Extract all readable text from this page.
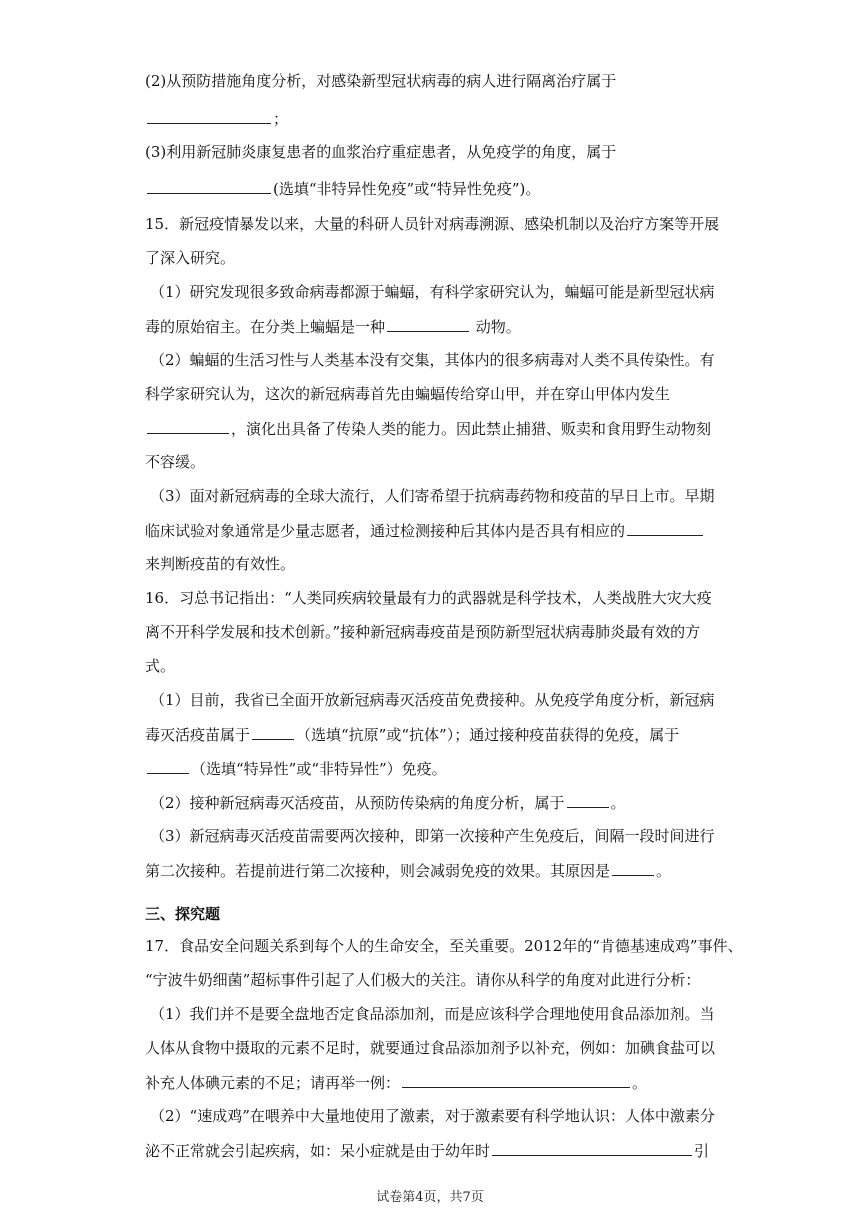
(2)从预防措施角度分析，对感染新型冠状病毒的病人进行隔离治疗属于
；
(3)利用新冠肺炎康复患者的血浆治疗重症患者，从免疫学的角度，属于
(选填“非特异性免疫”或“特异性免疫”)。
15．新冠疫情暴发以来，大量的科研人员针对病毒溯源、感染机制以及治疗方案等开展
了深入研究。
（1）研究发现很多致命病毒都源于蝙蝠，有科学家研究认为，蝙蝠可能是新型冠状病
毒的原始宿主。在分类上蝙蝠是一种	动物。
（2）蝙蝠的生活习性与人类基本没有交集，其体内的很多病毒对人类不具传染性。有
科学家研究认为，这次的新冠病毒首先由蝙蝠传给穿山甲，并在穿山甲体内发生
，演化出具备了传染人类的能力。因此禁止捕猎、贩卖和食用野生动物刻
不容缓。
（3）面对新冠病毒的全球大流行，人们寄希望于抗病毒药物和疫苗的早日上市。早期
临床试验对象通常是少量志愿者，通过检测接种后其体内是否具有相应的
来判断疫苗的有效性。
16．习总书记指出：“人类同疾病较量最有力的武器就是科学技术，人类战胜大灾大疫
离不开科学发展和技术创新。”接种新冠病毒疫苗是预防新型冠状病毒肺炎最有效的方
式。
（1）目前，我省已全面开放新冠病毒灭活疫苗免费接种。从免疫学角度分析，新冠病
毒灭活疫苗属于	（选填“抗原”或“抗体”）；通过接种疫苗获得的免疫，属于
（选填“特异性”或“非特异性”）免疫。
（2）接种新冠病毒灭活疫苗，从预防传染病的角度分析，属于	。
（3）新冠病毒灭活疫苗需要两次接种，即第一次接种产生免疫后，间隔一段时间进行
第二次接种。若提前进行第二次接种，则会减弱免疫的效果。其原因是	。
三、探究题
17．食品安全问题关系到每个人的生命安全，至关重要。2012年的“肯德基速成鸡”事件、
“宁波牛奶细菌”超标事件引起了人们极大的关注。请你从科学的角度对此进行分析：
（1）我们并不是要全盘地否定食品添加剂，而是应该科学合理地使用食品添加剂。当
人体从食物中摄取的元素不足时，就要通过食品添加剂予以补充，例如：加碘食盐可以
补充人体碘元素的不足；请再举一例：	。
（2）“速成鸡”在喂养中大量地使用了激素，对于激素要有科学地认识：人体中激素分
泌不正常就会引起疾病，如：呆小症就是由于幼年时	引
试卷第4页，共7页
